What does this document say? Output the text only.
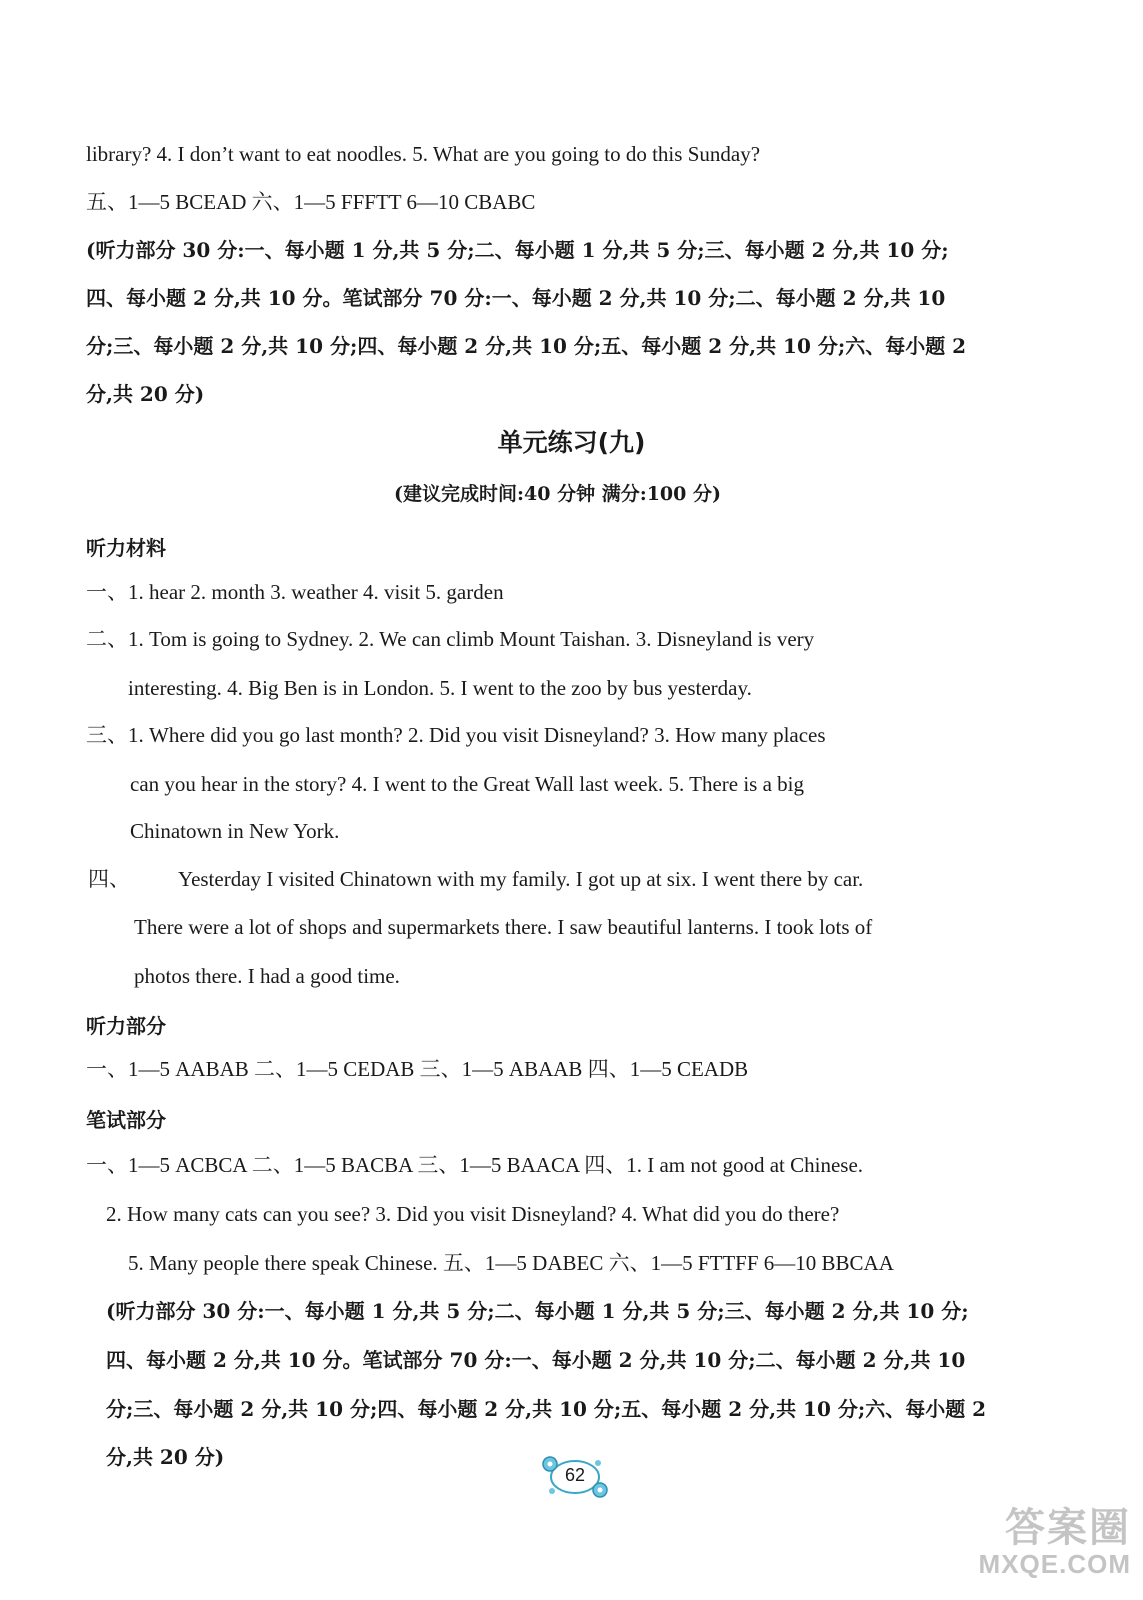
library? 4. I don’t want to eat noodles. 5. What are you going to do this Sunday?
五、1—5 BCEAD 六、1—5 FFFTT 6—10 CBABC
(听力部分 30 分:一、每小题 1 分,共 5 分;二、每小题 1 分,共 5 分;三、每小题 2 分,共 10 分;
四、每小题 2 分,共 10 分。笔试部分 70 分:一、每小题 2 分,共 10 分;二、每小题 2 分,共 10
分;三、每小题 2 分,共 10 分;四、每小题 2 分,共 10 分;五、每小题 2 分,共 10 分;六、每小题 2
分,共 20 分)
单元练习(九)
(建议完成时间:40 分钟 满分:100 分)
听力材料
一、1. hear 2. month 3. weather 4. visit 5. garden
二、1. Tom is going to Sydney. 2. We can climb Mount Taishan. 3. Disneyland is very
interesting. 4. Big Ben is in London. 5. I went to the zoo by bus yesterday.
三、1. Where did you go last month? 2. Did you visit Disneyland? 3. How many places
can you hear in the story? 4. I went to the Great Wall last week. 5. There is a big
Chinatown in New York.
四、 Yesterday I visited Chinatown with my family. I got up at six. I went there by car.
There were a lot of shops and supermarkets there. I saw beautiful lanterns. I took lots of
photos there. I had a good time.
听力部分
一、1—5 AABAB 二、1—5 CEDAB 三、1—5 ABAAB 四、1—5 CEADB
笔试部分
一、1—5 ACBCA 二、1—5 BACBA 三、1—5 BAACA 四、1. I am not good at Chinese.
2. How many cats can you see? 3. Did you visit Disneyland? 4. What did you do there?
5. Many people there speak Chinese. 五、1—5 DABEC 六、1—5 FTTFF 6—10 BBCAA
(听力部分 30 分:一、每小题 1 分,共 5 分;二、每小题 1 分,共 5 分;三、每小题 2 分,共 10 分;
四、每小题 2 分,共 10 分。笔试部分 70 分:一、每小题 2 分,共 10 分;二、每小题 2 分,共 10
分;三、每小题 2 分,共 10 分;四、每小题 2 分,共 10 分;五、每小题 2 分,共 10 分;六、每小题 2
分,共 20 分)
62
答案圈
MXQE.COM
